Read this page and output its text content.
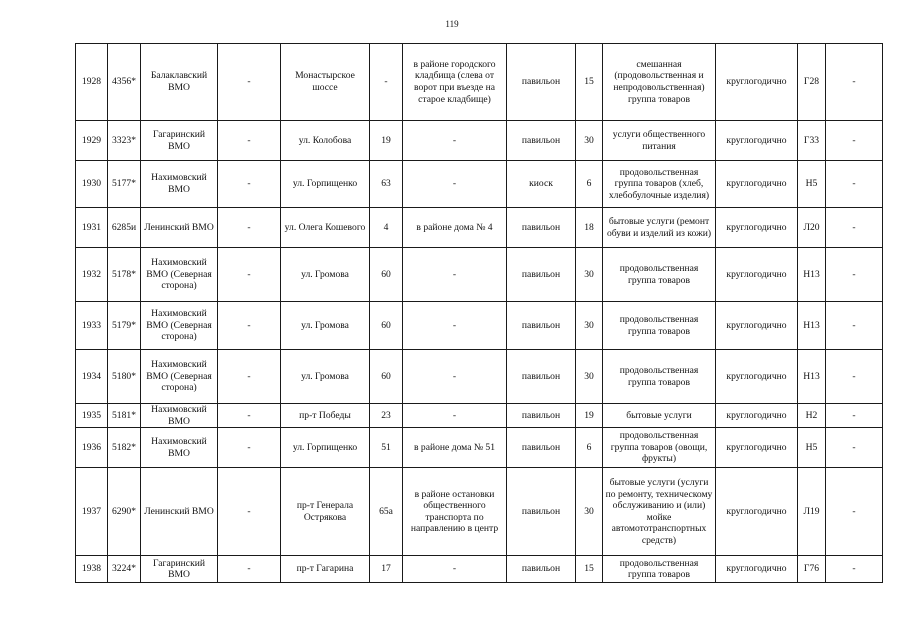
119
1928	4356*	Балаклавский ВМО	-	Монастырское шоссе	-	в районе городского кладбища (слева от ворот при въезде на старое кладбище)	павильон	15	смешанная (продовольственная и непродовольственная) группа товаров	круглогодично	Г28	-
1929	3323*	Гагаринский ВМО	-	ул. Колобова	19	-	павильон	30	услуги общественного питания	круглогодично	Г33	-
1930	5177*	Нахимовский ВМО	-	ул. Горпищенко	63	-	киоск	6	продовольственная группа товаров (хлеб, хлебобулочные изделия)	круглогодично	Н5	-
1931	6285и	Ленинский ВМО	-	ул. Олега Кошевого	4	в районе дома № 4	павильон	18	бытовые услуги (ремонт обуви и изделий из кожи)	круглогодично	Л20	-
1932	5178*	Нахимовский ВМО (Северная сторона)	-	ул. Громова	60	-	павильон	30	продовольственная группа товаров	круглогодично	Н13	-
1933	5179*	Нахимовский ВМО (Северная сторона)	-	ул. Громова	60	-	павильон	30	продовольственная группа товаров	круглогодично	Н13	-
1934	5180*	Нахимовский ВМО (Северная сторона)	-	ул. Громова	60	-	павильон	30	продовольственная группа товаров	круглогодично	Н13	-
1935	5181*	Нахимовский ВМО	-	пр-т Победы	23	-	павильон	19	бытовые услуги	круглогодично	Н2	-
1936	5182*	Нахимовский ВМО	-	ул. Горпищенко	51	в районе дома № 51	павильон	6	продовольственная группа товаров (овощи, фрукты)	круглогодично	Н5	-
1937	6290*	Ленинский ВМО	-	пр-т Генерала Острякова	65а	в районе остановки общественного транспорта по направлению в центр	павильон	30	бытовые услуги (услуги по ремонту, техническому обслуживанию и (или) мойке автомототранспортных средств)	круглогодично	Л19	-
1938	3224*	Гагаринский ВМО	-	пр-т Гагарина	17	-	павильон	15	продовольственная группа товаров	круглогодично	Г76	-
